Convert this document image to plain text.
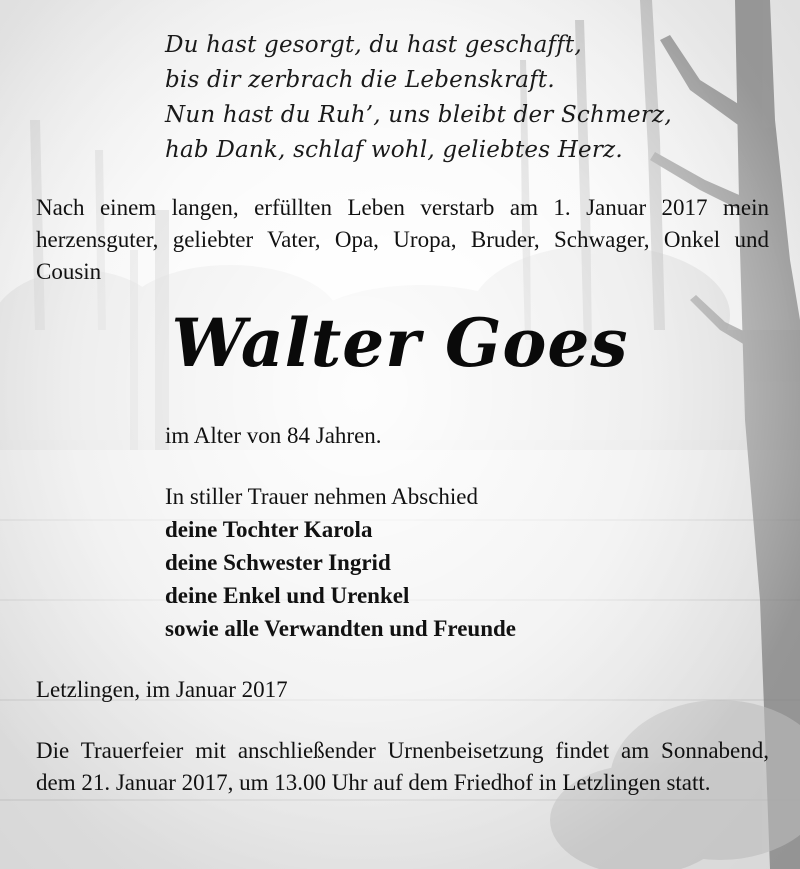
Du hast gesorgt, du hast geschafft,
bis dir zerbrach die Lebenskraft.
Nun hast du Ruh’, uns bleibt der Schmerz,
hab Dank, schlaf wohl, geliebtes Herz.
Nach einem langen, erfüllten Leben verstarb am 1. Januar 2017 mein herzensguter, geliebter Vater, Opa, Uropa, Bruder, Schwager, Onkel und Cousin
Walter Goes
im Alter von 84 Jahren.
In stiller Trauer nehmen Abschied
deine Tochter Karola
deine Schwester Ingrid
deine Enkel und Urenkel
sowie alle Verwandten und Freunde
Letzlingen, im Januar 2017
Die Trauerfeier mit anschließender Urnenbeisetzung findet am Sonnabend, dem 21. Januar 2017, um 13.00 Uhr auf dem Friedhof in Letzlingen statt.
